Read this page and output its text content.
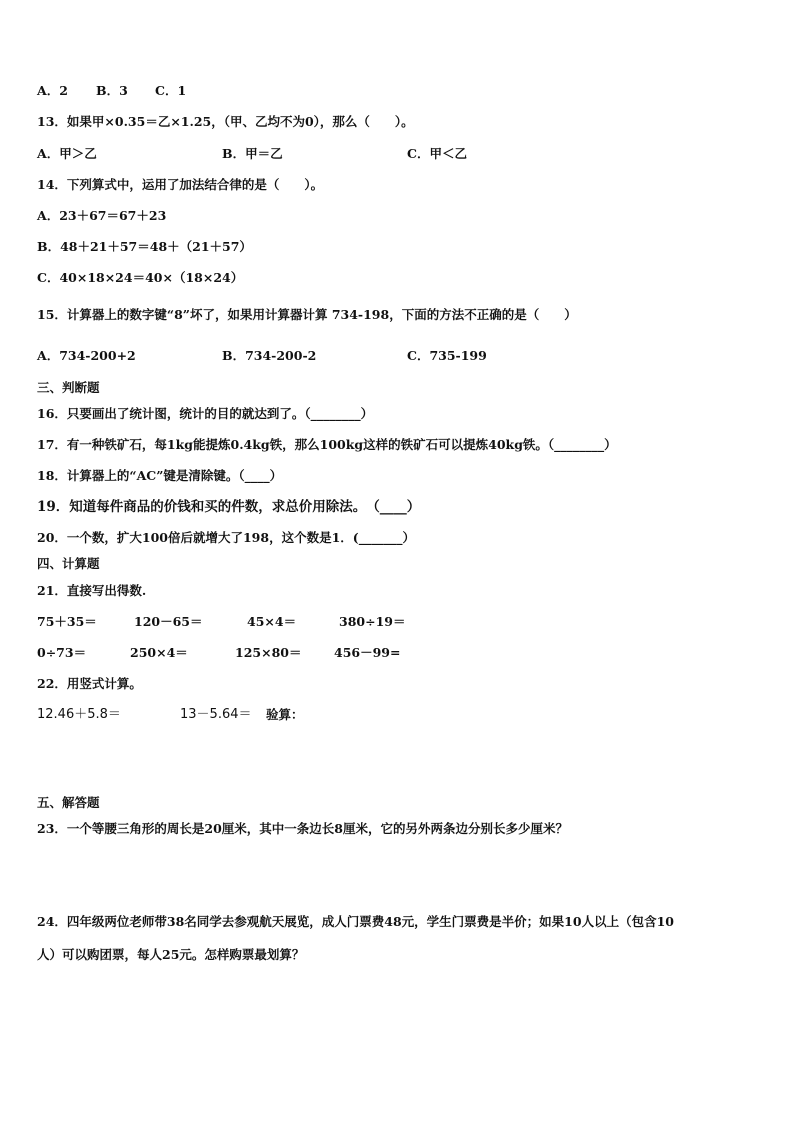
A．2 B．3 C．1
13．如果甲×0.35＝乙×1.25，（甲、乙均不为0），那么（　　）。
A．甲＞乙	B．甲＝乙	C．甲＜乙
14．下列算式中，运用了加法结合律的是（　　）。
A．23＋67＝67＋23
B．48＋21＋57＝48＋（21＋57）
C．40×18×24＝40×（18×24）
15．计算器上的数字键“8”坏了，如果用计算器计算 734-198，下面的方法不正确的是（　　）
A．734-200+2	B．734-200-2	C．735-199
三、判断题
16．只要画出了统计图，统计的目的就达到了。（________）
17．有一种铁矿石，每1kg能提炼0.4kg铁，那么100kg这样的铁矿石可以提炼40kg铁。（________）
18．计算器上的“AC”键是清除键。（____）
19．知道每件商品的价钱和买的件数，求总价用除法。　（____）
20．一个数，扩大100倍后就增大了198，这个数是1．(_______）
四、计算题
21．直接写出得数.
75＋35＝	120－65＝	45×4＝	380÷19＝
0÷73＝	250×4＝	125×80＝	456－99=
22．用竖式计算。
12.46＋5.8＝	13－5.64＝ 验算：
五、解答题
23．一个等腰三角形的周长是20厘米，其中一条边长8厘米，它的另外两条边分别长多少厘米？
24．四年级两位老师带38名同学去参观航天展览，成人门票费48元，学生门票费是半价；如果10人以上（包含10
人）可以购团票，每人25元。怎样购票最划算？
